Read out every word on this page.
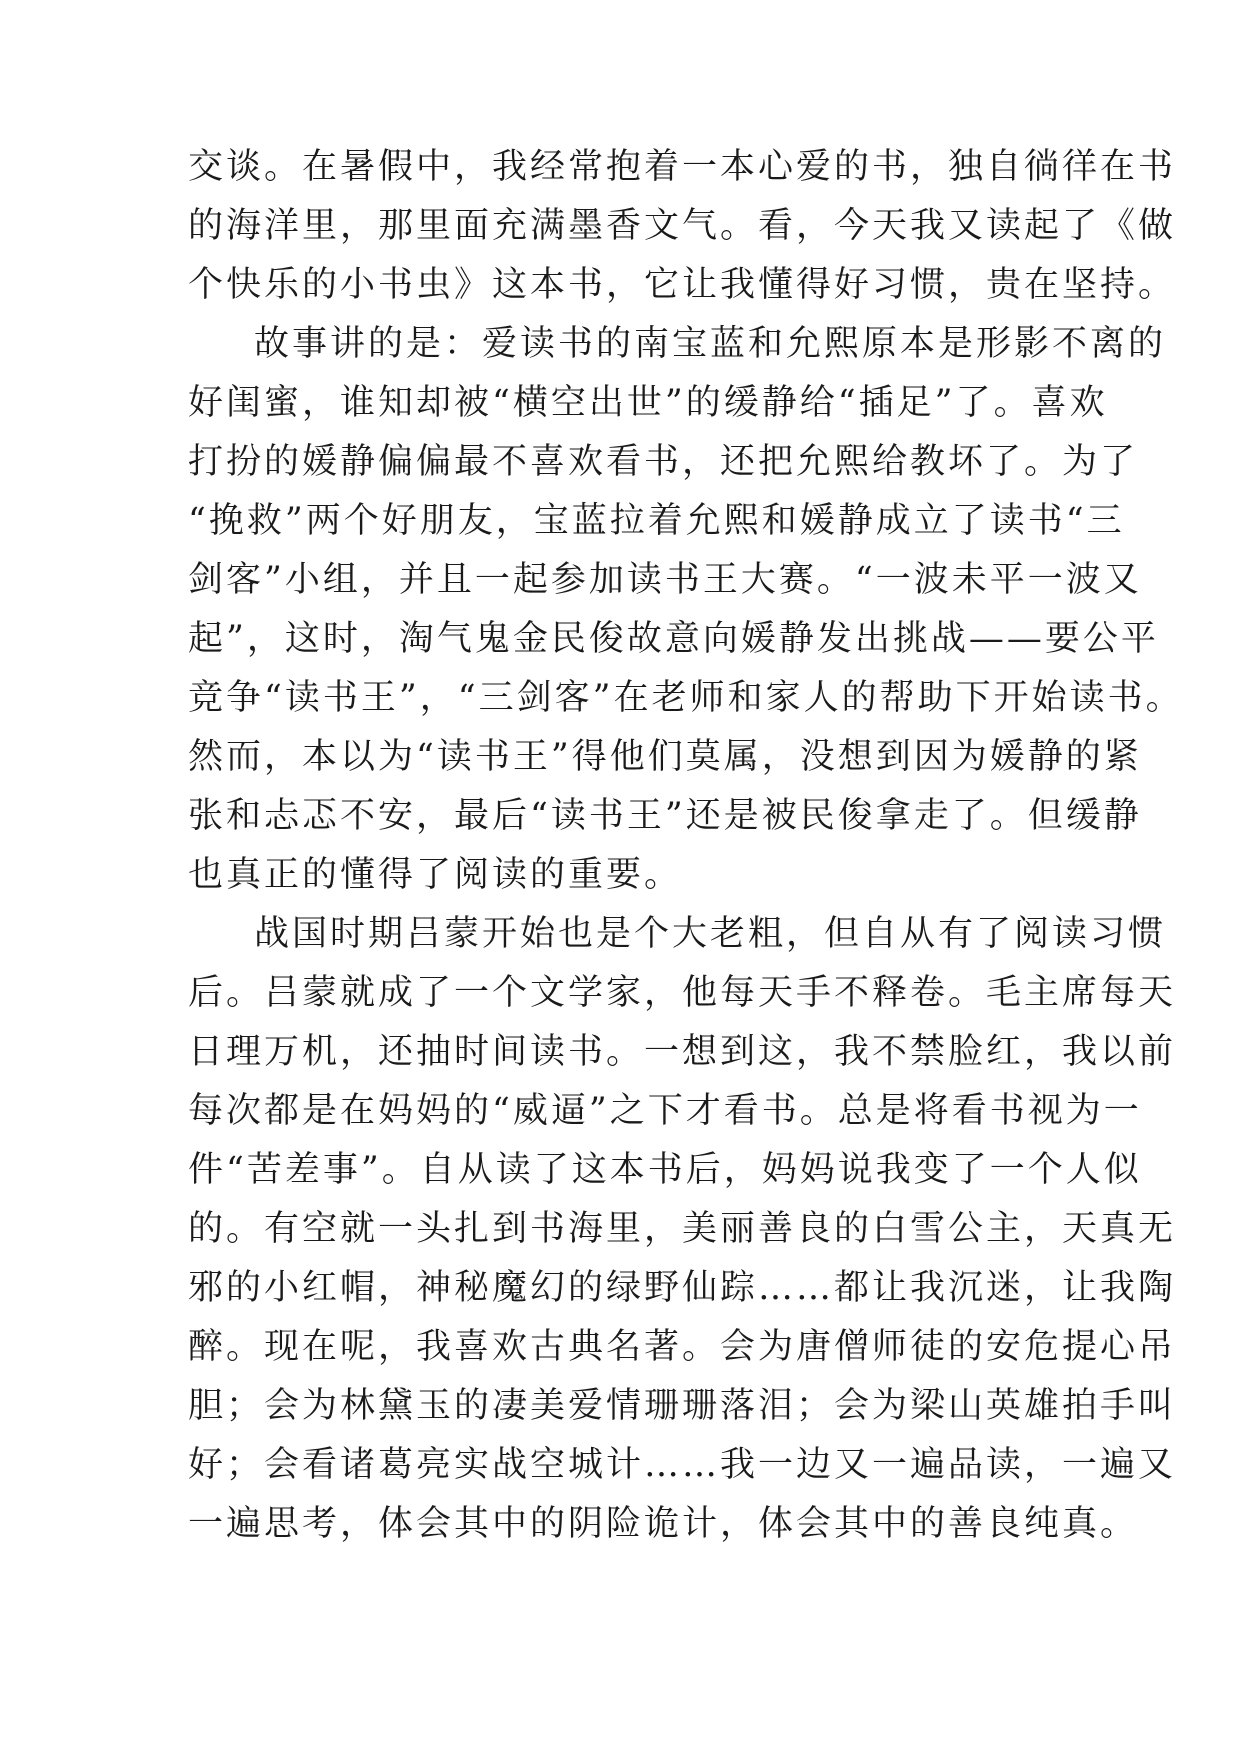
交谈。在暑假中，我经常抱着一本心爱的书，独自徜徉在书
的海洋里，那里面充满墨香文气。看，今天我又读起了《做
个快乐的小书虫》这本书，它让我懂得好习惯，贵在坚持。
故事讲的是：爱读书的南宝蓝和允熙原本是形影不离的
好闺蜜，谁知却被“横空出世”的缓静给“插足”了。喜欢
打扮的媛静偏偏最不喜欢看书，还把允熙给教坏了。为了
“挽救”两个好朋友，宝蓝拉着允熙和媛静成立了读书“三
剑客”小组，并且一起参加读书王大赛。“一波未平一波又
起”，这时，淘气鬼金民俊故意向媛静发出挑战——要公平
竞争“读书王”，“三剑客”在老师和家人的帮助下开始读书。
然而，本以为“读书王”得他们莫属，没想到因为媛静的紧
张和忐忑不安，最后“读书王”还是被民俊拿走了。但缓静
也真正的懂得了阅读的重要。
战国时期吕蒙开始也是个大老粗，但自从有了阅读习惯
后。吕蒙就成了一个文学家，他每天手不释卷。毛主席每天
日理万机，还抽时间读书。一想到这，我不禁脸红，我以前
每次都是在妈妈的“威逼”之下才看书。总是将看书视为一
件“苦差事”。自从读了这本书后，妈妈说我变了一个人似
的。有空就一头扎到书海里，美丽善良的白雪公主，天真无
邪的小红帽，神秘魔幻的绿野仙踪……都让我沉迷，让我陶
醉。现在呢，我喜欢古典名著。会为唐僧师徒的安危提心吊
胆；会为林黛玉的凄美爱情珊珊落泪；会为梁山英雄拍手叫
好；会看诸葛亮实战空城计……我一边又一遍品读，一遍又
一遍思考，体会其中的阴险诡计，体会其中的善良纯真。
